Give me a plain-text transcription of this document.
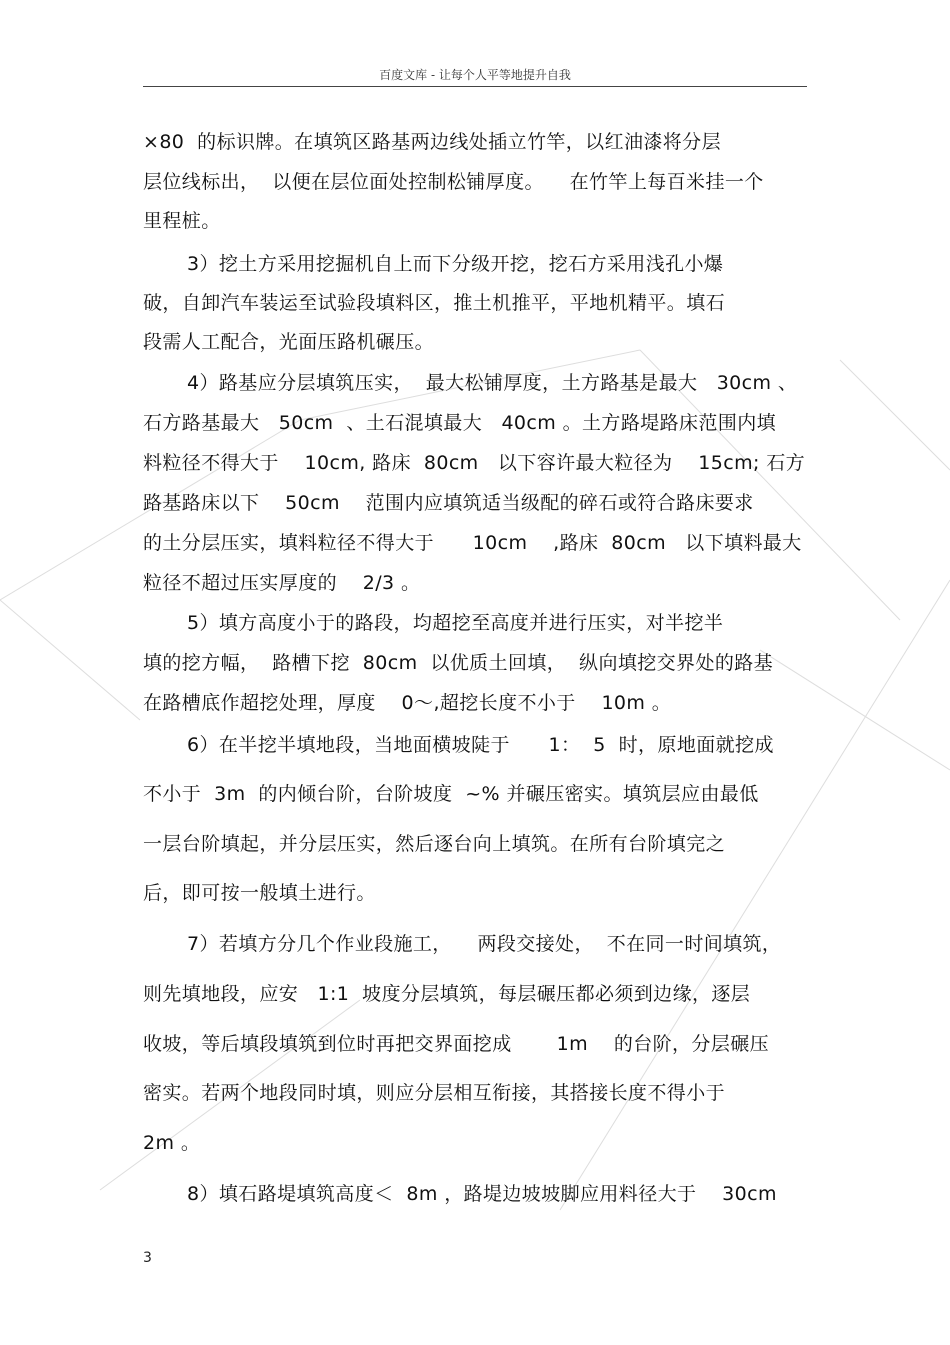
百度文库 - 让每个人平等地提升自我
×80  的标识牌。在填筑区路基两边线处插立竹竿，以红油漆将分层
层位线标出，  以便在层位面处控制松铺厚度。    在竹竿上每百米挂一个
里程桩。
3）挖土方采用挖掘机自上而下分级开挖，挖石方采用浅孔小爆
破，自卸汽车装运至试验段填料区，推土机推平，平地机精平。填石
段需人工配合，光面压路机碾压。
4）路基应分层填筑压实，  最大松铺厚度，土方路基是最大   30cm 、
石方路基最大   50cm  、土石混填最大   40cm 。土方路堤路床范围内填
料粒径不得大于    10cm, 路床  80cm   以下容许最大粒径为    15cm; 石方
路基路床以下    50cm    范围内应填筑适当级配的碎石或符合路床要求
的土分层压实，填料粒径不得大于      10cm    ,路床  80cm   以下填料最大
粒径不超过压实厚度的    2/3 。
5）填方高度小于的路段，均超挖至高度并进行压实，对半挖半
填的挖方幅，  路槽下挖  80cm  以优质土回填，  纵向填挖交界处的路基
在路槽底作超挖处理，厚度    0～,超挖长度不小于    10m 。
6）在半挖半填地段，当地面横坡陡于      1：  5  时，原地面就挖成
不小于  3m  的内倾台阶，台阶坡度  ~% 并碾压密实。填筑层应由最低
一层台阶填起，并分层压实，然后逐台向上填筑。在所有台阶填完之
后，即可按一般填土进行。
7）若填方分几个作业段施工，    两段交接处，  不在同一时间填筑，
则先填地段，应安   1:1  坡度分层填筑，每层碾压都必须到边缘，逐层
收坡，等后填段填筑到位时再把交界面挖成       1m    的台阶，分层碾压
密实。若两个地段同时填，则应分层相互衔接，其搭接长度不得小于
2m 。
8）填石路堤填筑高度＜  8m ，路堤边坡坡脚应用料径大于    30cm
3
